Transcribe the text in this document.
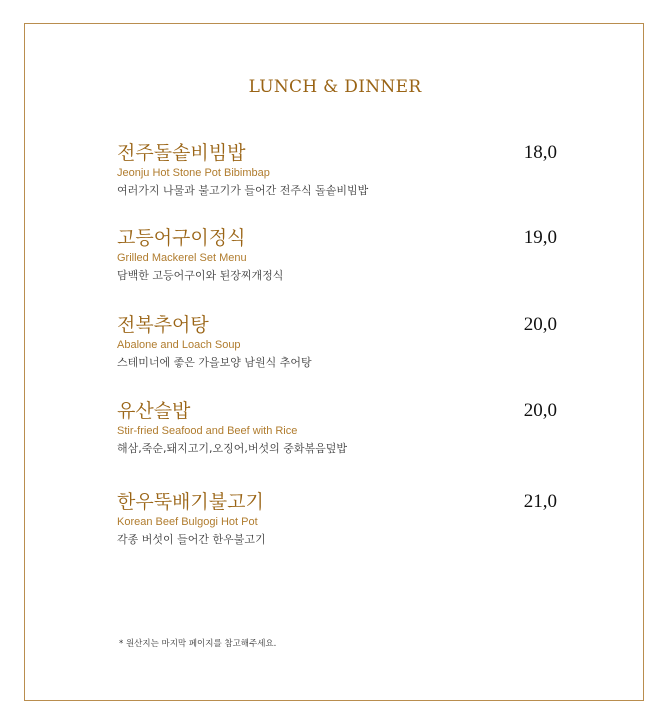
LUNCH & DINNER
전주돌솥비빔밥
Jeonju Hot Stone Pot Bibimbap
여러가지 나물과 불고기가 들어간 전주식 돌솥비빔밥
18,0
고등어구이정식
Grilled Mackerel Set Menu
담백한 고등어구이와 된장찌개정식
19,0
전복추어탕
Abalone and Loach Soup
스테미너에 좋은 가을보양 남원식 추어탕
20,0
유산슬밥
Stir-fried Seafood and Beef with Rice
해삼,죽순,돼지고기,오징어,버섯의 중화볶음덮밥
20,0
한우뚝배기불고기
Korean Beef Bulgogi Hot Pot
각종 버섯이 들어간 한우불고기
21,0
* 원산지는 마지막 페이지를 참고해주세요.
